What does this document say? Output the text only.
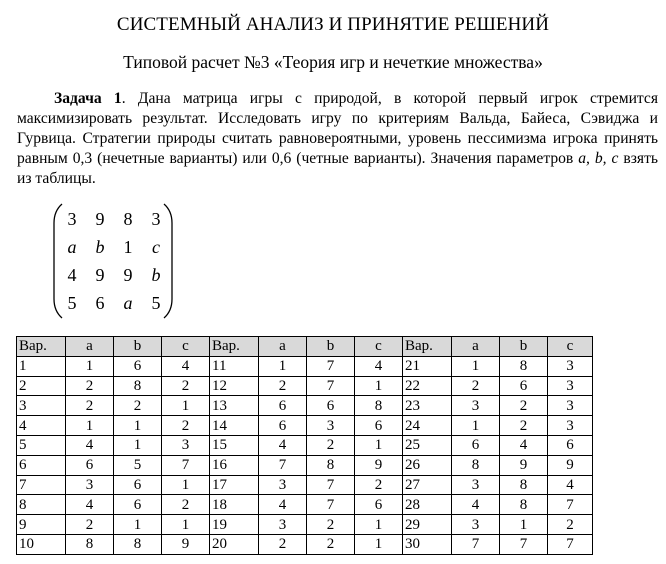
СИСТЕМНЫЙ АНАЛИЗ И ПРИНЯТИЕ РЕШЕНИЙ
Типовой расчет №3 «Теория игр и нечеткие множества»
Задача 1. Дана матрица игры с природой, в которой первый игрок стремится максимизировать результат. Исследовать игру по критериям Вальда, Байеса, Сэвиджа и Гурвица. Стратегии природы считать равновероятными, уровень пессимизма игрока принять равным 0,3 (нечетные варианты) или 0,6 (четные варианты). Значения параметров a, b, c взять из таблицы.
3	9	8	3
a	b	1	c
4	9	9	b
5	6	a	5
Вар.	a	b	c	Вар.	a	b	c	Вар.	a	b	c
1	1	6	4	11	1	7	4	21	1	8	3
2	2	8	2	12	2	7	1	22	2	6	3
3	2	2	1	13	6	6	8	23	3	2	3
4	1	1	2	14	6	3	6	24	1	2	3
5	4	1	3	15	4	2	1	25	6	4	6
6	6	5	7	16	7	8	9	26	8	9	9
7	3	6	1	17	3	7	2	27	3	8	4
8	4	6	2	18	4	7	6	28	4	8	7
9	2	1	1	19	3	2	1	29	3	1	2
10	8	8	9	20	2	2	1	30	7	7	7
